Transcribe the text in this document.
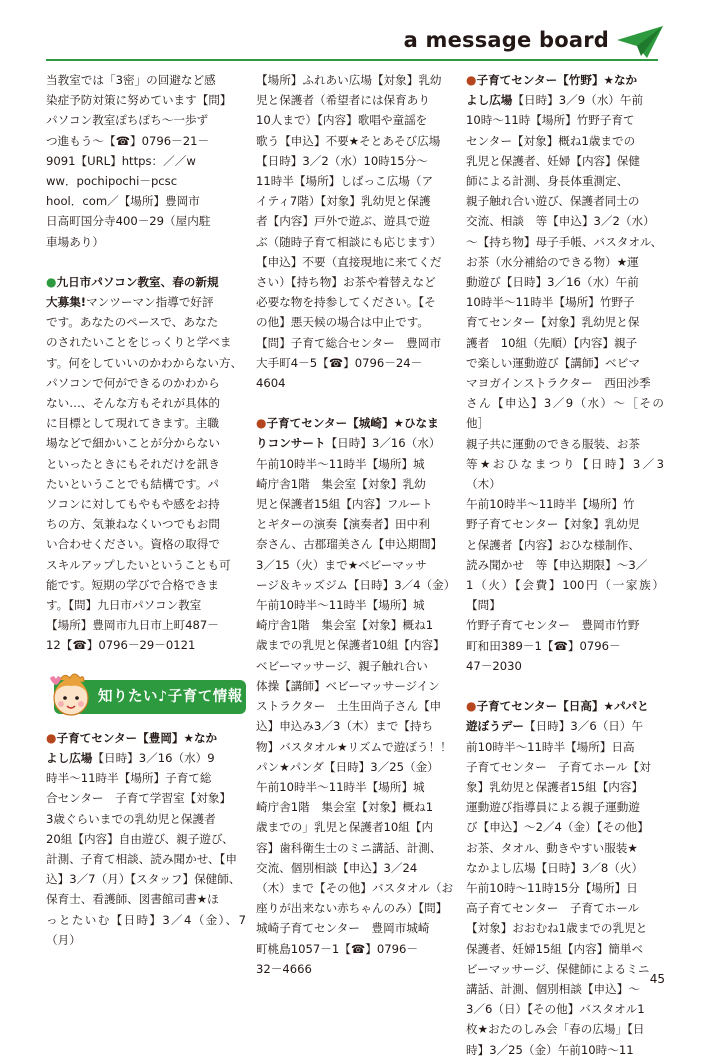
a message board

当教室では「3密」の回避など感
染症予防対策に努めています【問】
パソコン教室ぽちぽち～一歩ず
つ進もう～【☎】0796－21－
9091【URL】https：／／w
ww．pochipochi－pcsc
hool．com／【場所】豊岡市
日高町国分寺400－29（屋内駐
車場あり）

●九日市パソコン教室、春の新規
大募集!マンツーマン指導で好評
です。あなたのペースで、あなた
のされたいことをじっくりと学べま
す。何をしていいのかわからない方、
パソコンで何ができるのかわから
ない…、そんな方もそれが具体的
に目標として現れてきます。主職
場などで細かいことが分からない
といったときにもそれだけを訊き
たいということでも結構です。パ
ソコンに対してもやもや感をお持
ちの方、気兼ねなくいつでもお問
い合わせください。資格の取得で
スキルアップしたいということも可
能です。短期の学びで合格できま
す。【問】九日市パソコン教室
【場所】豊岡市九日市上町487－
12【☎】0796－29－0121

知りたい♪子育て情報

●子育てセンター【豊岡】★なか
よし広場【日時】3／16（水）9
時半～11時半【場所】子育て総
合センター　子育て学習室【対象】
3歳ぐらいまでの乳幼児と保護者
20組【内容】自由遊び、親子遊び、
計測、子育て相談、読み聞かせ、【申
込】3／7（月）【スタッフ】保健師、
保育士、看護師、図書館司書★ほ
っとたいむ【日時】3／4（金）、7（月）

【場所】ふれあい広場【対象】乳幼
児と保護者（希望者には保育あり
10人まで）【内容】歌唱や童謡を
歌う【申込】不要★そとあそび広場
【日時】3／2（水）10時15分～
11時半【場所】しばっこ広場（ア
イティ7階）【対象】乳幼児と保護
者【内容】戸外で遊ぶ、遊具で遊
ぶ（随時子育て相談にも応じます）
【申込】不要（直接現地に来てくだ
さい）【持ち物】お茶や着替えなど
必要な物を持参してください。【そ
の他】悪天候の場合は中止です。
【問】子育て総合センター　豊岡市
大手町4－5【☎】0796－24－
4604

●子育てセンター【城崎】★ひなま
りコンサート【日時】3／16（水）
午前10時半～11時半【場所】城
崎庁舎1階　集会室【対象】乳幼
児と保護者15組【内容】フルート
とギターの演奏【演奏者】田中利
奈さん、古郡瑠美さん【申込期間】
3／15（火）まで★ベビーマッサ
ージ＆キッズジム【日時】3／4（金）
午前10時半～11時半【場所】城
崎庁舎1階　集会室【対象】概ね1
歳までの乳児と保護者10組【内容】
ベビーマッサージ、親子触れ合い
体操【講師】ベビーマッサージイン
ストラクター　土生田尚子さん【申
込】申込み3／3（木）まで【持ち
物】バスタオル★リズムで遊ぼう！！
パン★パンダ【日時】3／25（金）
午前10時半～11時半【場所】城
崎庁舎1階　集会室【対象】概ね1
歳までの」乳児と保護者10組【内
容】歯科衛生士のミニ講話、計測、
交流、個別相談【申込】3／24
（木）まで【その他】バスタオル（お
座りが出来ない赤ちゃんのみ）【問】
城崎子育てセンター　豊岡市城崎
町桃島1057－1【☎】0796－
32－4666

●子育てセンター【竹野】★なか
よし広場【日時】3／9（水）午前
10時～11時【場所】竹野子育て
センター【対象】概ね1歳までの
乳児と保護者、妊婦【内容】保健
師による計測、身長体重測定、
親子触れ合い遊び、保護者同士の
交流、相談　等【申込】3／2（水）
～【持ち物】母子手帳、バスタオル、
お茶（水分補給のできる物）★運
動遊び【日時】3／16（水）午前
10時半～11時半【場所】竹野子
育てセンター【対象】乳幼児と保
護者　10組（先順）【内容】親子
で楽しい運動遊び【講師】ベビマ
マヨガインストラクター　西田沙季
さん【申込】3／9（水）～［その他］
親子共に運動のできる服装、お茶
等★おひなまつり【日時】3／3（木）
午前10時半～11時半【場所】竹
野子育てセンター【対象】乳幼児
と保護者【内容】おひな様制作、
読み聞かせ　等【申込期限】～3／
1（火）【会費】100円（一家族）【問】
竹野子育てセンター　豊岡市竹野
町和田389－1【☎】0796－
47－2030

●子育てセンター【日高】★パパと
遊ぼうデー【日時】3／6（日）午
前10時半～11時半【場所】日高
子育てセンター　子育てホール【対
象】乳幼児と保護者15組【内容】
運動遊び指導員による親子運動遊
び【申込】～2／4（金）【その他】
お茶、タオル、動きやすい服装★
なかよし広場【日時】3／8（火）
午前10時～11時15分【場所】日
高子育てセンター　子育てホール
【対象】おおむね1歳までの乳児と
保護者、妊婦15組【内容】簡単ベ
ビーマッサージ、保健師によるミニ
講話、計測、個別相談【申込】～
3／6（日）【その他】バスタオル1
枚★おたのしみ会「春の広場」【日
時】3／25（金）午前10時～11

45
